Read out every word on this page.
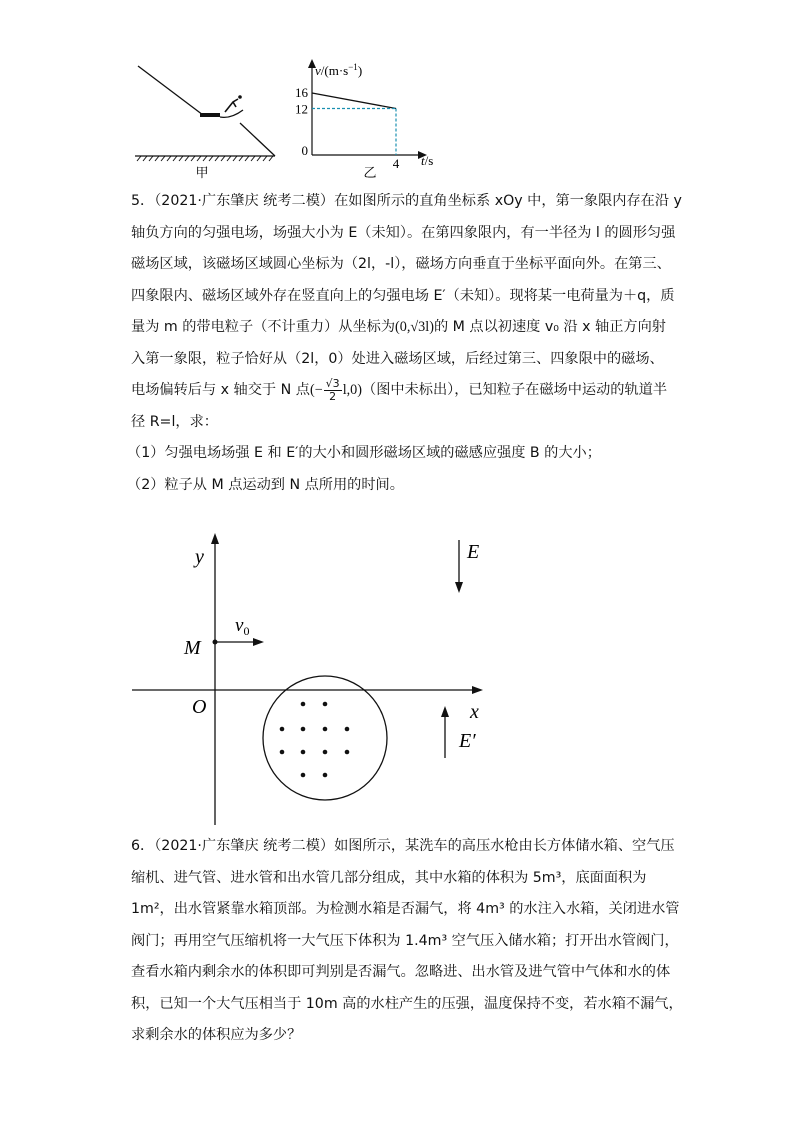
甲
$v/(m\cdot s^{-1})$
t/s
16
12
0
4
乙
5．（2021·广东肇庆 统考二模）在如图所示的直角坐标系 xOy 中，第一象限内存在沿 y
轴负方向的匀强电场，场强大小为 E（未知）。在第四象限内，有一半径为 l 的圆形匀强
磁场区域，该磁场区域圆心坐标为（2l，-l），磁场方向垂直于坐标平面向外。在第三、
四象限内、磁场区域外存在竖直向上的匀强电场 E′（未知）。现将某一电荷量为＋q，质
量为 m 的带电粒子（不计重力）从坐标为(0,√3l)的 M 点以初速度 v₀ 沿 x 轴正方向射
入第一象限，粒子恰好从（2l，0）处进入磁场区域，后经过第三、四象限中的磁场、
电场偏转后与 x 轴交于 N 点(− $\frac{√3}{2} l,0$)（图中未标出），已知粒子在磁场中运动的轨道半
径 R=l，求：
（1）匀强电场场强 E 和 E′的大小和圆形磁场区域的磁感应强度 B 的大小；
（2）粒子从 M 点运动到 N 点所用的时间。
y
x
O
M
$v_0$
E
E′
6．（2021·广东肇庆 统考二模）如图所示，某洗车的高压水枪由长方体储水箱、空气压
缩机、进气管、进水管和出水管几部分组成，其中水箱的体积为 5m³，底面面积为
1m²，出水管紧靠水箱顶部。为检测水箱是否漏气，将 4m³ 的水注入水箱，关闭进水管
阀门；再用空气压缩机将一大气压下体积为 1.4m³ 空气压入储水箱；打开出水管阀门，
查看水箱内剩余水的体积即可判别是否漏气。忽略进、出水管及进气管中气体和水的体
积，已知一个大气压相当于 10m 高的水柱产生的压强，温度保持不变，若水箱不漏气，
求剩余水的体积应为多少？
